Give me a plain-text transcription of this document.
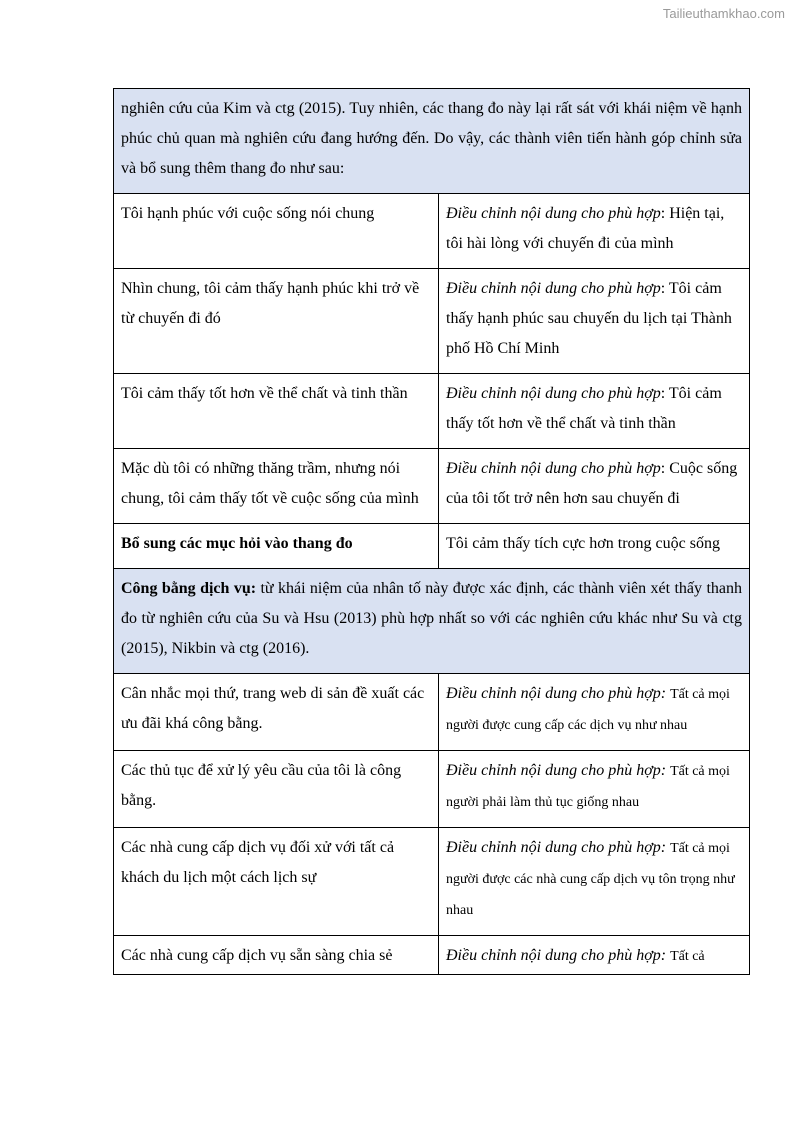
Tailieuthamkhao.com
nghiên cứu của Kim và ctg (2015). Tuy nhiên, các thang đo này lại rất sát với khái niệm về hạnh phúc chủ quan mà nghiên cứu đang hướng đến. Do vậy, các thành viên tiến hành góp chỉnh sửa và bổ sung thêm thang đo như sau:	
Tôi hạnh phúc với cuộc sống nói chung	Điều chỉnh nội dung cho phù hợp: Hiện tại, tôi hài lòng với chuyến đi của mình
Nhìn chung, tôi cảm thấy hạnh phúc khi trở về từ chuyến đi đó	Điều chỉnh nội dung cho phù hợp: Tôi cảm thấy hạnh phúc sau chuyến du lịch tại Thành phố Hồ Chí Minh
Tôi cảm thấy tốt hơn về thể chất và tinh thần	Điều chỉnh nội dung cho phù hợp: Tôi cảm thấy tốt hơn về thể chất và tinh thần
Mặc dù tôi có những thăng trầm, nhưng nói chung, tôi cảm thấy tốt về cuộc sống của mình	Điều chỉnh nội dung cho phù hợp: Cuộc sống của tôi tốt trở nên hơn sau chuyến đi
Bổ sung các mục hỏi vào thang đo	Tôi cảm thấy tích cực hơn trong cuộc sống
Công bằng dịch vụ: từ khái niệm của nhân tố này được xác định, các thành viên xét thấy thanh đo từ nghiên cứu của Su và Hsu (2013) phù hợp nhất so với các nghiên cứu khác như Su và ctg (2015), Nikbin và ctg (2016).	
Cân nhắc mọi thứ, trang web di sản đề xuất các ưu đãi khá công bằng.	Điều chỉnh nội dung cho phù hợp: Tất cả mọi người được cung cấp các dịch vụ như nhau
Các thủ tục để xử lý yêu cầu của tôi là công bằng.	Điều chỉnh nội dung cho phù hợp: Tất cả mọi người phải làm thủ tục giống nhau
Các nhà cung cấp dịch vụ đối xử với tất cả khách du lịch một cách lịch sự	Điều chỉnh nội dung cho phù hợp: Tất cả mọi người được các nhà cung cấp dịch vụ tôn trọng như nhau
Các nhà cung cấp dịch vụ sẵn sàng chia sẻ	Điều chỉnh nội dung cho phù hợp: Tất cả
